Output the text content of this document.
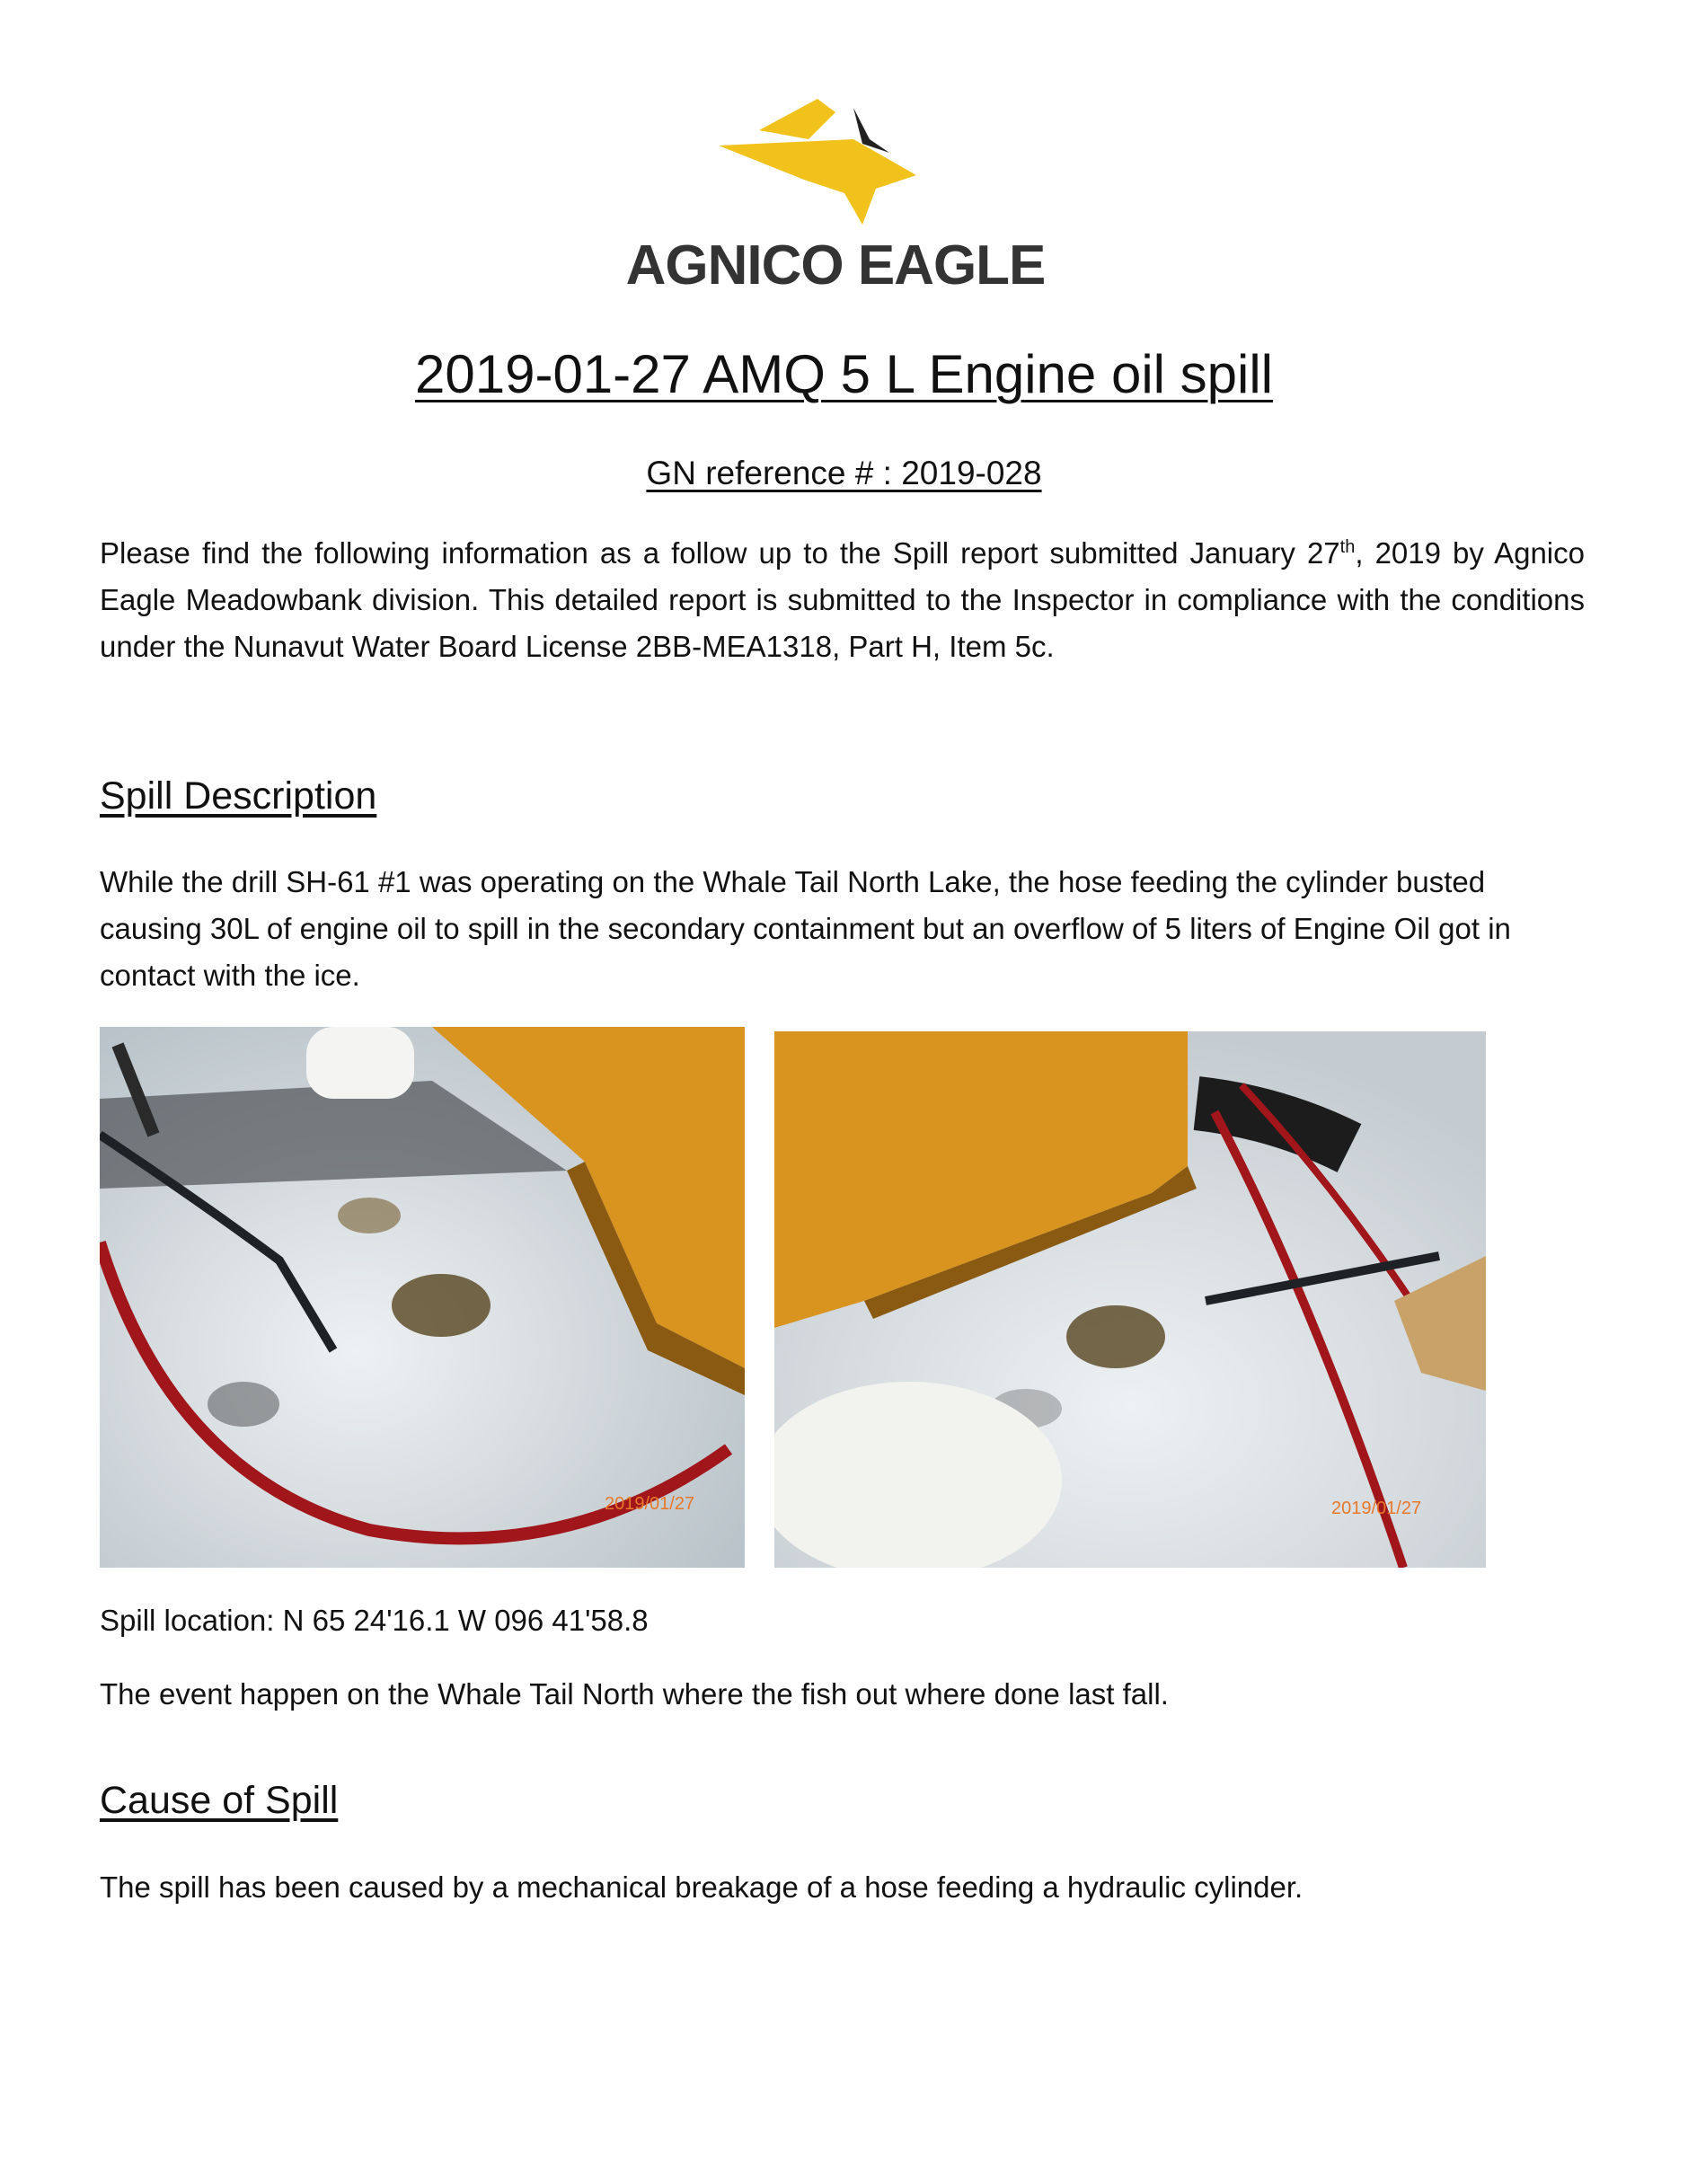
AGNICO EAGLE
2019-01-27 AMQ 5 L Engine oil spill
GN reference # : 2019-028
Please find the following information as a follow up to the Spill report submitted January 27th, 2019 by Agnico Eagle Meadowbank division. This detailed report is submitted to the Inspector in compliance with the conditions under the Nunavut Water Board License 2BB-MEA1318, Part H, Item 5c.
Spill Description
While the drill SH-61 #1 was operating on the Whale Tail North Lake, the hose feeding the cylinder busted causing 30L of engine oil to spill in the secondary containment but an overflow of 5 liters of Engine Oil got in contact with the ice.
2019/01/27	2019/01/27
Spill location: N 65 24'16.1 W 096 41'58.8
The event happen on the Whale Tail North where the fish out where done last fall.
Cause of Spill
The spill has been caused by a mechanical breakage of a hose feeding a hydraulic cylinder.
